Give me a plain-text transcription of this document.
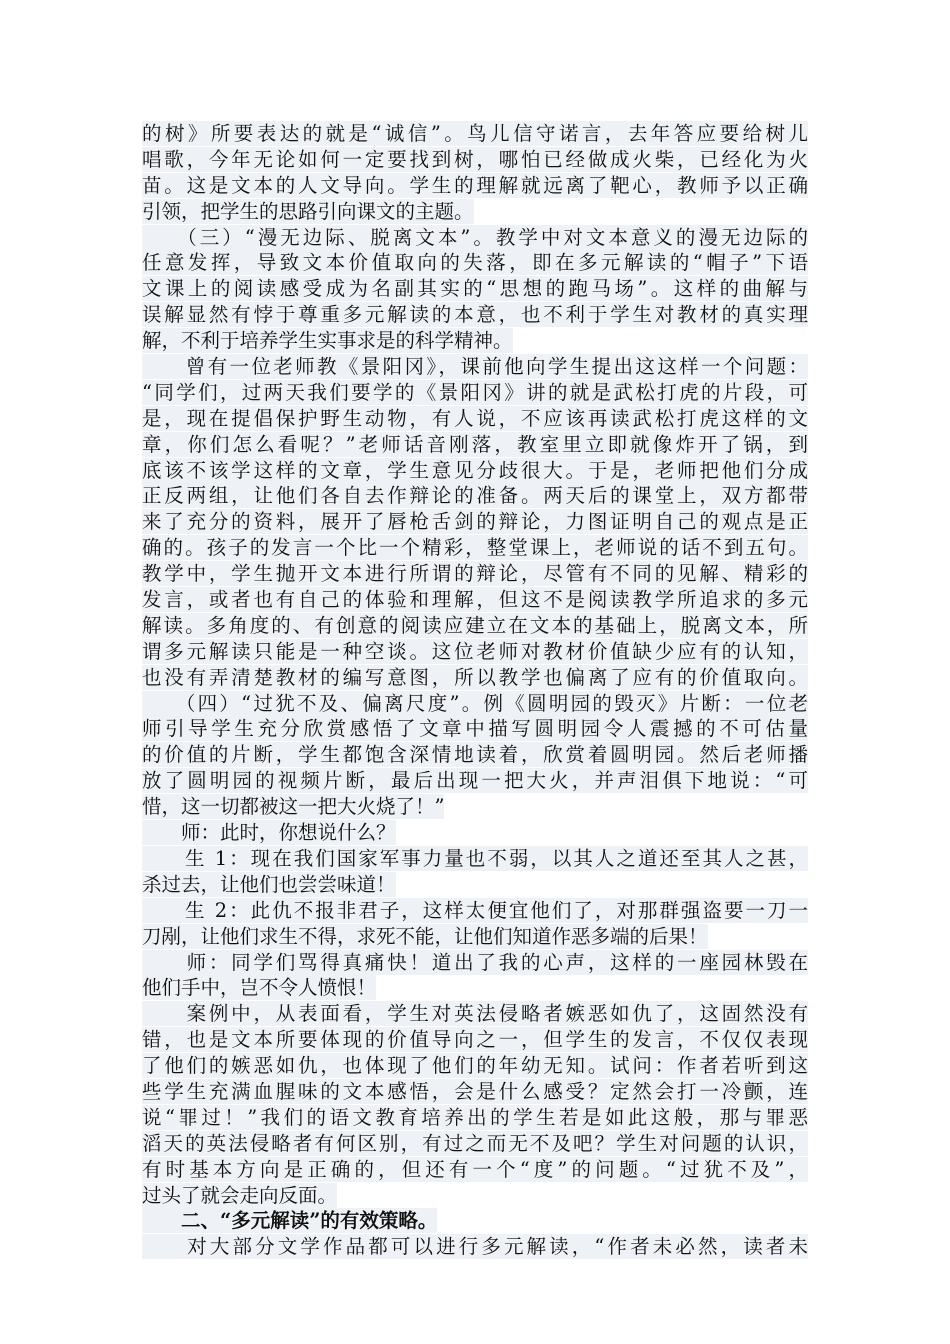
的树》所要表达的就是“诚信”。鸟儿信守诺言，去年答应要给树儿
唱歌，今年无论如何一定要找到树，哪怕已经做成火柴，已经化为火
苗。这是文本的人文导向。学生的理解就远离了靶心，教师予以正确
引领，把学生的思路引向课文的主题。
　　（三）“漫无边际、脱离文本”。教学中对文本意义的漫无边际的
任意发挥，导致文本价值取向的失落，即在多元解读的“帽子”下语
文课上的阅读感受成为名副其实的“思想的跑马场”。这样的曲解与
误解显然有悖于尊重多元解读的本意，也不利于学生对教材的真实理
解，不利于培养学生实事求是的科学精神。
　　曾有一位老师教《景阳冈》，课前他向学生提出这这样一个问题：
“同学们，过两天我们要学的《景阳冈》讲的就是武松打虎的片段，可
是，现在提倡保护野生动物，有人说，不应该再读武松打虎这样的文
章，你们怎么看呢？”老师话音刚落，教室里立即就像炸开了锅，到
底该不该学这样的文章，学生意见分歧很大。于是，老师把他们分成
正反两组，让他们各自去作辩论的准备。两天后的课堂上，双方都带
来了充分的资料，展开了唇枪舌剑的辩论，力图证明自己的观点是正
确的。孩子的发言一个比一个精彩，整堂课上，老师说的话不到五句。
教学中，学生抛开文本进行所谓的辩论，尽管有不同的见解、精彩的
发言，或者也有自己的体验和理解，但这不是阅读教学所追求的多元
解读。多角度的、有创意的阅读应建立在文本的基础上，脱离文本，所
谓多元解读只能是一种空谈。这位老师对教材价值缺少应有的认知，
也没有弄清楚教材的编写意图，所以教学也偏离了应有的价值取向。
　　（四）“过犹不及、偏离尺度”。例《圆明园的毁灭》片断：一位老
师引导学生充分欣赏感悟了文章中描写圆明园令人震撼的不可估量
的价值的片断，学生都饱含深情地读着，欣赏着圆明园。然后老师播
放了圆明园的视频片断，最后出现一把大火，并声泪俱下地说：“可
惜，这一切都被这一把大火烧了！”
　　师：此时，你想说什么？
　　生 1：现在我们国家军事力量也不弱，以其人之道还至其人之甚，
杀过去，让他们也尝尝味道！
　　生 2：此仇不报非君子，这样太便宜他们了，对那群强盗要一刀一
刀剐，让他们求生不得，求死不能，让他们知道作恶多端的后果！
　　师：同学们骂得真痛快！道出了我的心声，这样的一座园林毁在
他们手中，岂不令人愤恨！
　　案例中，从表面看，学生对英法侵略者嫉恶如仇了，这固然没有
错，也是文本所要体现的价值导向之一，但学生的发言，不仅仅表现
了他们的嫉恶如仇，也体现了他们的年幼无知。试问：作者若听到这
些学生充满血腥味的文本感悟，会是什么感受？定然会打一冷颤，连
说“罪过！”我们的语文教育培养出的学生若是如此这般，那与罪恶
滔天的英法侵略者有何区别，有过之而无不及吧？学生对问题的认识，
有时基本方向是正确的，但还有一个“度”的问题。“过犹不及”，
过头了就会走向反面。
　　二、“多元解读”的有效策略。
　　对大部分文学作品都可以进行多元解读，“作者未必然，读者未
